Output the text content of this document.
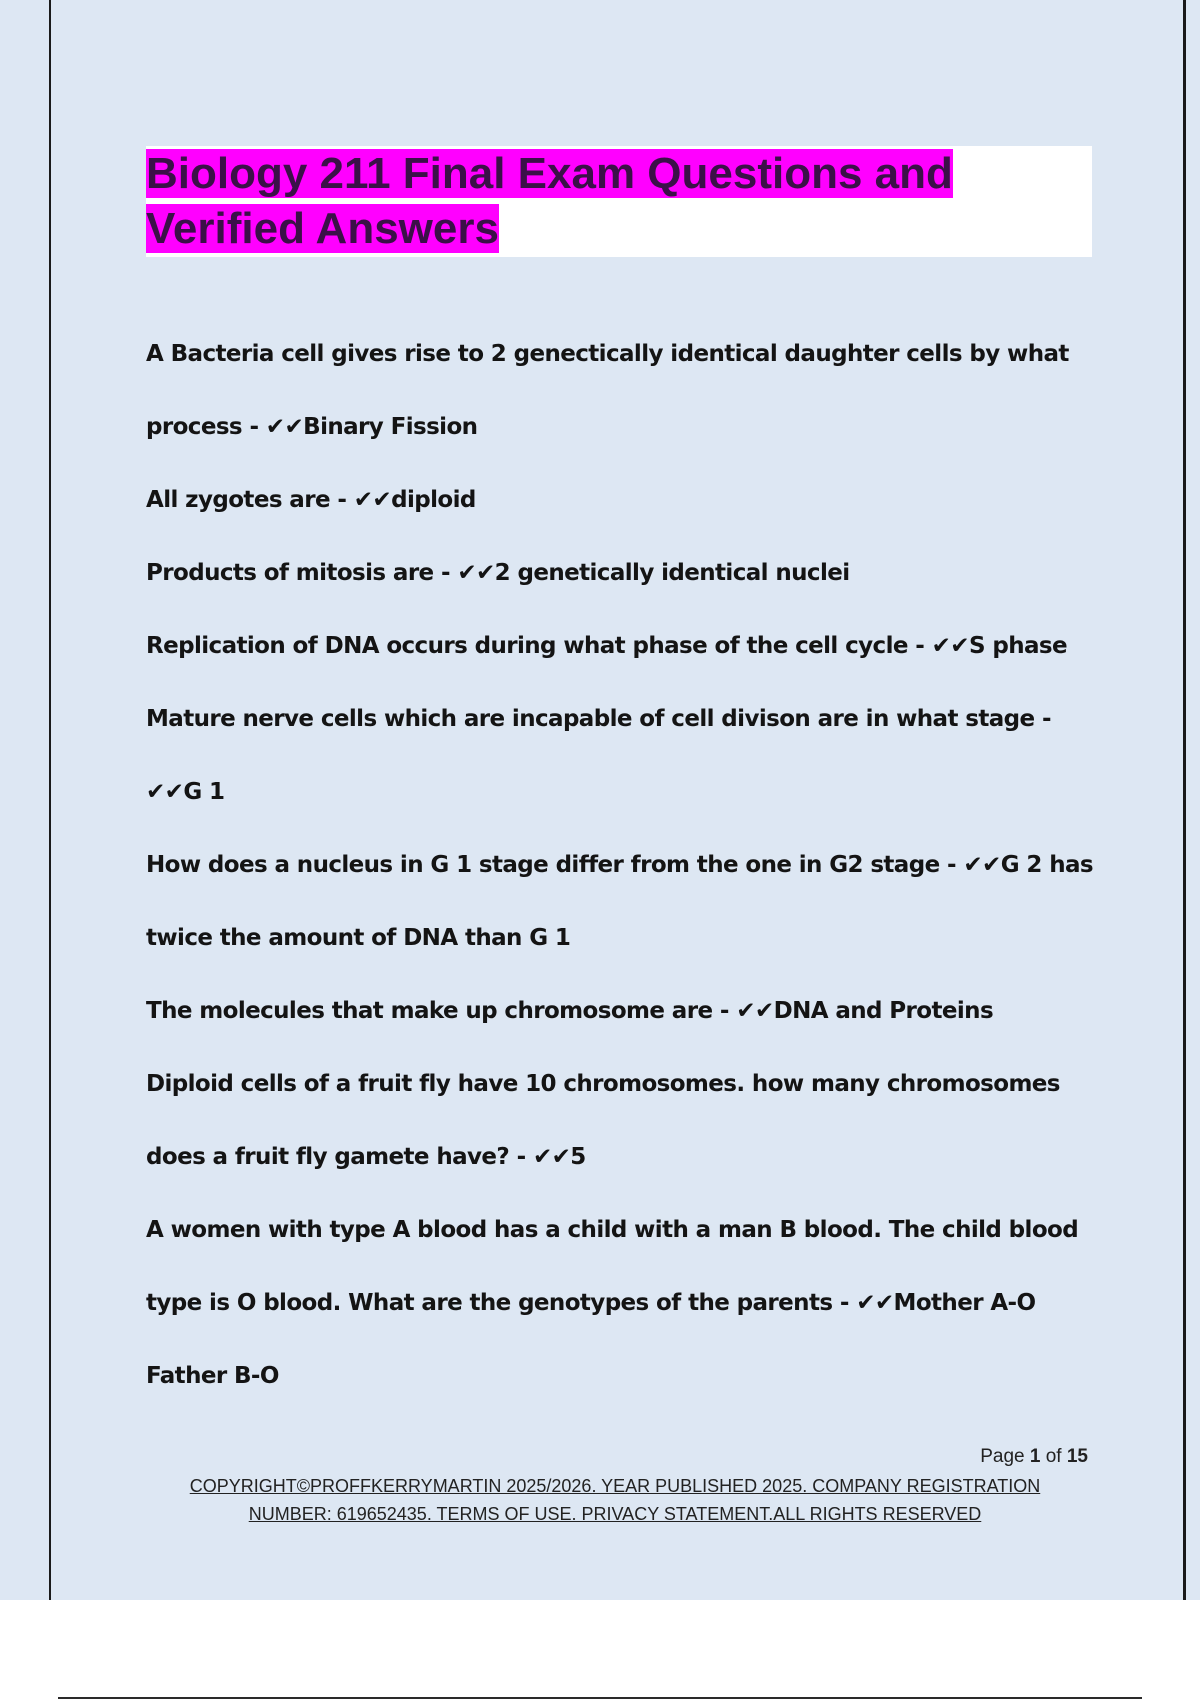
Biology 211 Final Exam Questions and Verified Answers

A Bacteria cell gives rise to 2 genectically identical daughter cells by what process - ✔✔Binary Fission

All zygotes are - ✔✔diploid

Products of mitosis are - ✔✔2 genetically identical nuclei

Replication of DNA occurs during what phase of the cell cycle - ✔✔S phase

Mature nerve cells which are incapable of cell divison are in what stage - ✔✔G 1

How does a nucleus in G 1 stage differ from the one in G2 stage - ✔✔G 2 has twice the amount of DNA than G 1

The molecules that make up chromosome are - ✔✔DNA and Proteins

Diploid cells of a fruit fly have 10 chromosomes. how many chromosomes does a fruit fly gamete have? - ✔✔5

A women with type A blood has a child with a man B blood. The child blood type is O blood. What are the genotypes of the parents - ✔✔Mother A-O Father B-O

Page 1 of 15
COPYRIGHT©PROFFKERRYMARTIN 2025/2026. YEAR PUBLISHED 2025. COMPANY REGISTRATION
NUMBER: 619652435. TERMS OF USE. PRIVACY STATEMENT.ALL RIGHTS RESERVED
